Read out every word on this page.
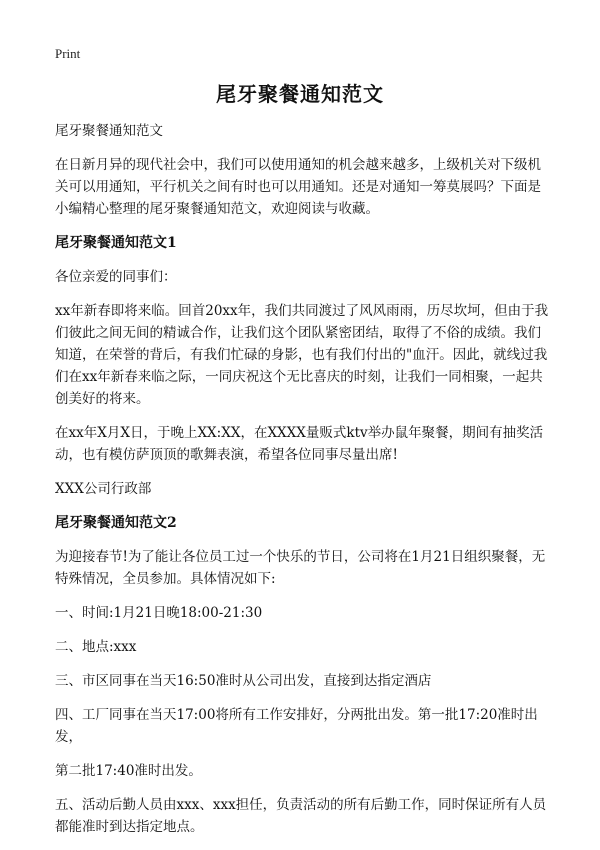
Print
尾牙聚餐通知范文

尾牙聚餐通知范文

在日新月异的现代社会中，我们可以使用通知的机会越来越多，上级机关对下级机关可以用通知，平行机关之间有时也可以用通知。还是对通知一筹莫展吗？下面是小编精心整理的尾牙聚餐通知范文，欢迎阅读与收藏。

尾牙聚餐通知范文1

各位亲爱的同事们：

xx年新春即将来临。回首20xx年，我们共同渡过了风风雨雨，历尽坎坷，但由于我们彼此之间无间的精诚合作，让我们这个团队紧密团结，取得了不俗的成绩。我们知道，在荣誉的背后，有我们忙碌的身影，也有我们付出的"血汗。因此，就线过我们在xx年新春来临之际，一同庆祝这个无比喜庆的时刻，让我们一同相聚，一起共创美好的将来。

在xx年X月X日，于晚上XX:XX，在XXXX量贩式ktv举办鼠年聚餐，期间有抽奖活动，也有模仿萨顶顶的歌舞表演，希望各位同事尽量出席!

XXX公司行政部

尾牙聚餐通知范文2

为迎接春节!为了能让各位员工过一个快乐的节日，公司将在1月21日组织聚餐，无特殊情况，全员参加。具体情况如下:

一、时间:1月21日晚18:00-21:30

二、地点:xxx

三、市区同事在当天16:50准时从公司出发，直接到达指定酒店

四、工厂同事在当天17:00将所有工作安排好，分两批出发。第一批17:20准时出发，

第二批17:40准时出发。

五、活动后勤人员由xxx、xxx担任，负责活动的所有后勤工作，同时保证所有人员都能准时到达指定地点。
